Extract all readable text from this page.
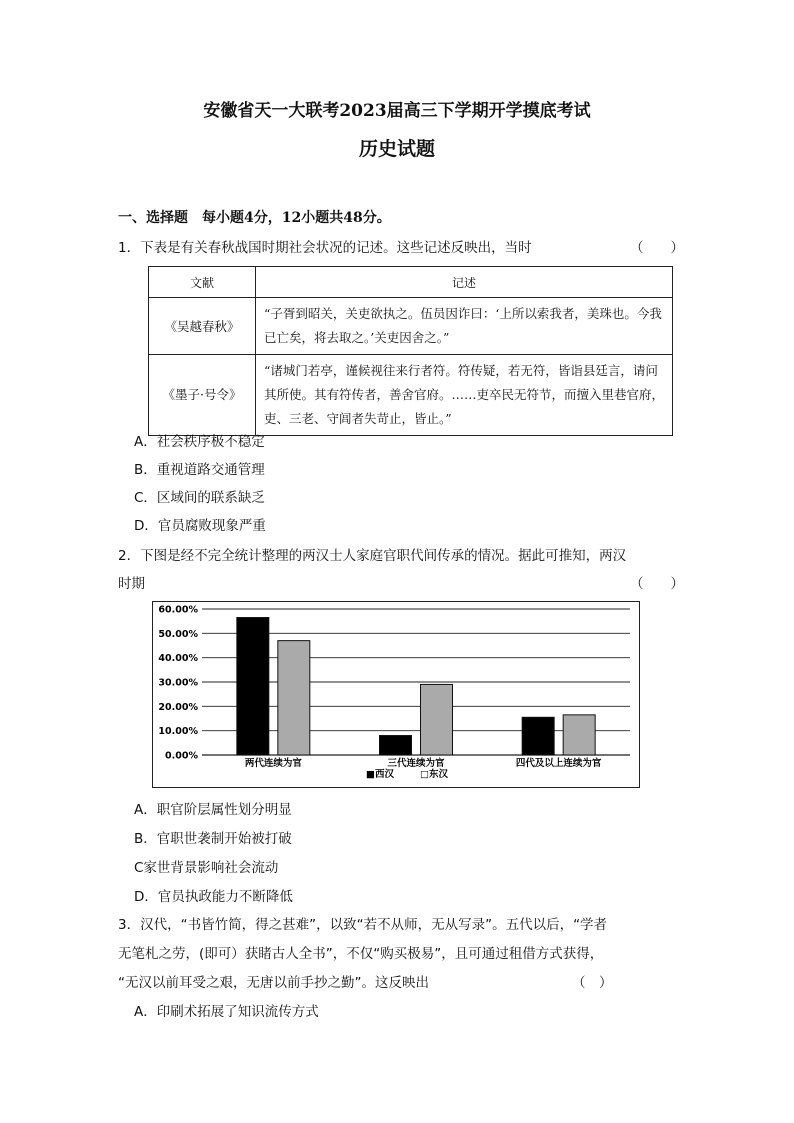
安徽省天一大联考2023届高三下学期开学摸底考试
历史试题
一、选择题　每小题4分，12小题共48分。
1．下表是有关春秋战国时期社会状况的记述。这些记述反映出，当时	（　　）
文献	记述
《吴越春秋》	“子胥到昭关，关吏欲执之。伍员因诈曰：‘上所以索我者，美珠也。今我已亡矣，将去取之。’关吏因舍之。”
《墨子·号令》	“诸城门若亭，谨候视往来行者符。符传疑，若无符，皆诣县廷言，请问其所使。其有符传者，善舍官府。……吏卒民无符节，而擅入里巷官府，吏、三老、守闾者失苛止，皆止。”
A．社会秩序极不稳定
B．重视道路交通管理
C．区域间的联系缺乏
D．官员腐败现象严重
2．下图是经不完全统计整理的两汉士人家庭官职代间传承的情况。据此可推知，两汉
时期	（　　）
0.00%
10.00%
20.00%
30.00%
40.00%
50.00%
60.00%
两代连续为官	三代连续为官	四代及以上连续为官
■西汉	□东汉
A．职官阶层属性划分明显
B．官职世袭制开始被打破
C家世背景影响社会流动
D．官员执政能力不断降低
3．汉代，“书皆竹简，得之甚难”，以致“若不从师，无从写录”。五代以后，“学者
无笔札之劳，(即可）获睹古人全书”，不仅“购买极易”，且可通过租借方式获得，
“无汉以前耳受之艰，无唐以前手抄之勤”。这反映出	（　）
A．印刷术拓展了知识流传方式
